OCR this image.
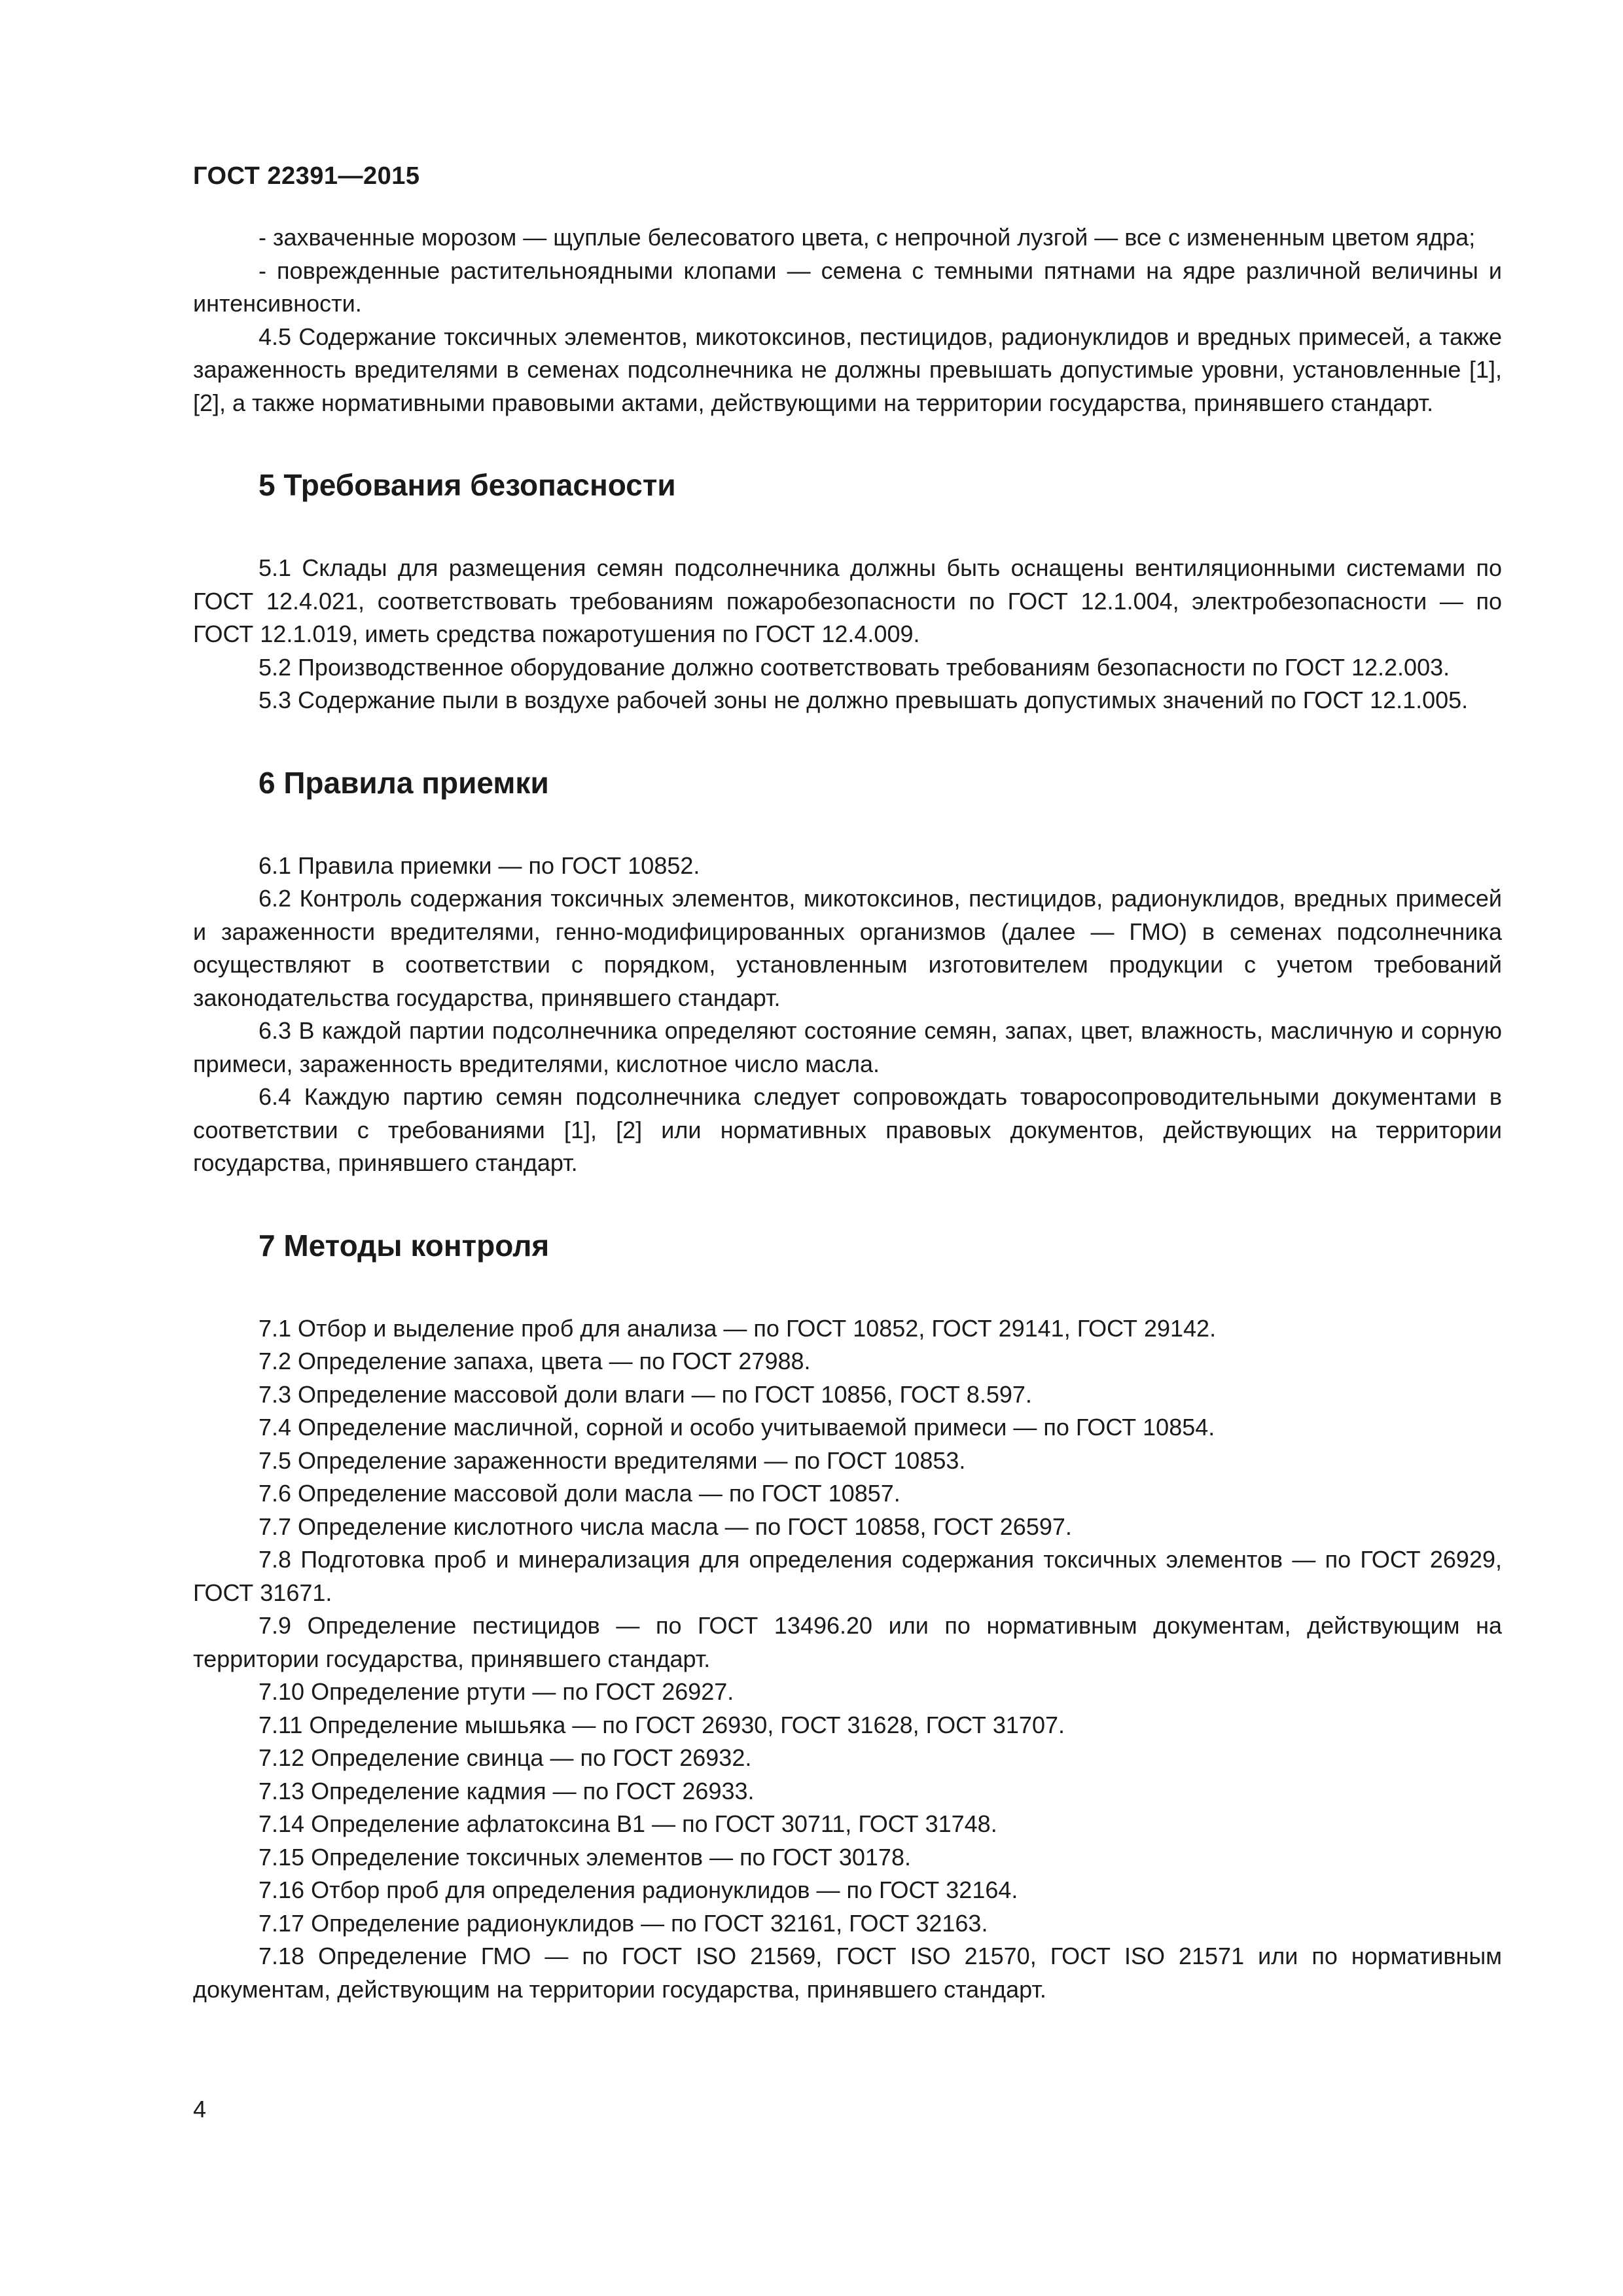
ГОСТ 22391—2015

- захваченные морозом — щуплые белесоватого цвета, с непрочной лузгой — все с измененным цветом ядра;

- поврежденные растительноядными клопами — семена с темными пятнами на ядре различной величины и интенсивности.

4.5 Содержание токсичных элементов, микотоксинов, пестицидов, радионуклидов и вредных примесей, а также зараженность вредителями в семенах подсолнечника не должны превышать допустимые уровни, установленные [1], [2], а также нормативными правовыми актами, действующими на территории государства, принявшего стандарт.

5 Требования безопасности

5.1 Склады для размещения семян подсолнечника должны быть оснащены вентиляционными системами по ГОСТ 12.4.021, соответствовать требованиям пожаробезопасности по ГОСТ 12.1.004, электробезопасности — по ГОСТ 12.1.019, иметь средства пожаротушения по ГОСТ 12.4.009.

5.2 Производственное оборудование должно соответствовать требованиям безопасности по ГОСТ 12.2.003.

5.3 Содержание пыли в воздухе рабочей зоны не должно превышать допустимых значений по ГОСТ 12.1.005.

6 Правила приемки

6.1 Правила приемки — по ГОСТ 10852.

6.2 Контроль содержания токсичных элементов, микотоксинов, пестицидов, радионуклидов, вредных примесей и зараженности вредителями, генно-модифицированных организмов (далее — ГМО) в семенах подсолнечника осуществляют в соответствии с порядком, установленным изготовителем продукции с учетом требований законодательства государства, принявшего стандарт.

6.3 В каждой партии подсолнечника определяют состояние семян, запах, цвет, влажность, масличную и сорную примеси, зараженность вредителями, кислотное число масла.

6.4 Каждую партию семян подсолнечника следует сопровождать товаросопроводительными документами в соответствии с требованиями [1], [2] или нормативных правовых документов, действующих на территории государства, принявшего стандарт.

7 Методы контроля

7.1 Отбор и выделение проб для анализа — по ГОСТ 10852, ГОСТ 29141, ГОСТ 29142.

7.2 Определение запаха, цвета — по ГОСТ 27988.

7.3 Определение массовой доли влаги — по ГОСТ 10856, ГОСТ 8.597.

7.4 Определение масличной, сорной и особо учитываемой примеси — по ГОСТ 10854.

7.5 Определение зараженности вредителями — по ГОСТ 10853.

7.6 Определение массовой доли масла — по ГОСТ 10857.

7.7 Определение кислотного числа масла — по ГОСТ 10858, ГОСТ 26597.

7.8 Подготовка проб и минерализация для определения содержания токсичных элементов — по ГОСТ 26929, ГОСТ 31671.

7.9 Определение пестицидов — по ГОСТ 13496.20 или по нормативным документам, действующим на территории государства, принявшего стандарт.

7.10 Определение ртути — по ГОСТ 26927.

7.11 Определение мышьяка — по ГОСТ 26930, ГОСТ 31628, ГОСТ 31707.

7.12 Определение свинца — по ГОСТ 26932.

7.13 Определение кадмия — по ГОСТ 26933.

7.14 Определение афлатоксина В1 — по ГОСТ 30711, ГОСТ 31748.

7.15 Определение токсичных элементов — по ГОСТ 30178.

7.16 Отбор проб для определения радионуклидов — по ГОСТ 32164.

7.17 Определение радионуклидов — по ГОСТ 32161, ГОСТ 32163.

7.18 Определение ГМО — по ГОСТ ISO 21569, ГОСТ ISO 21570, ГОСТ ISO 21571 или по нормативным документам, действующим на территории государства, принявшего стандарт.

4
